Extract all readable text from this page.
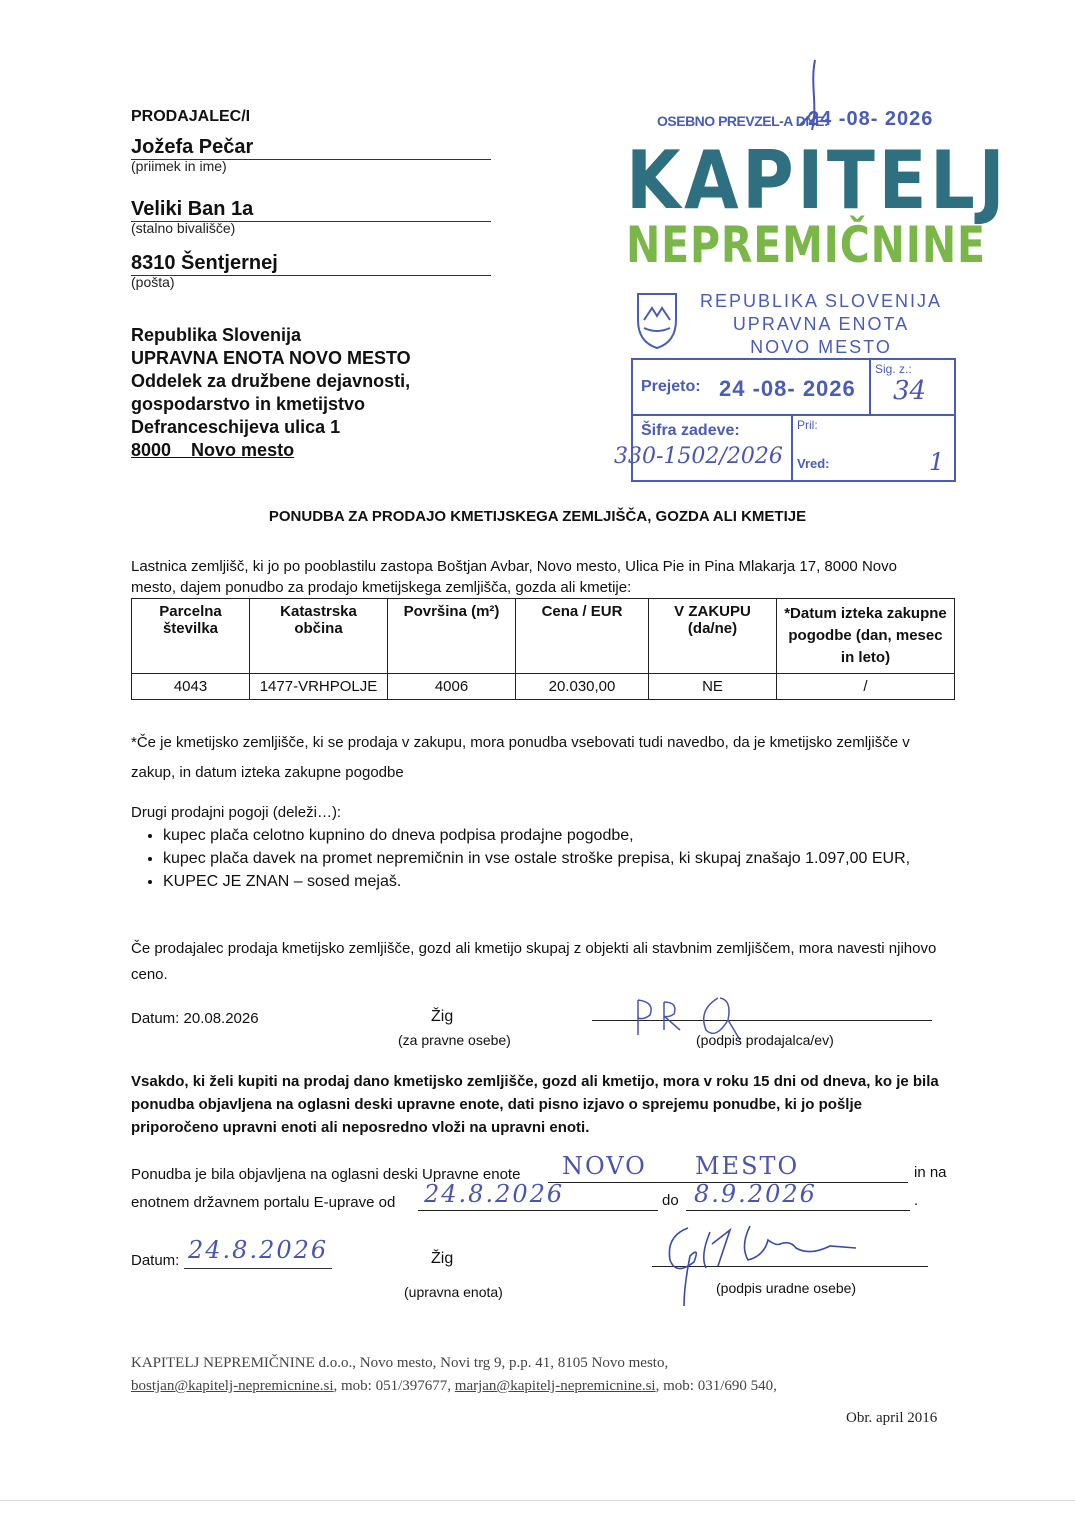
PRODAJALEC/I
Jožefa Pečar
(priimek in ime)
Veliki Ban 1a
(stalno bivališče)
8310 Šentjernej
(pošta)
Republika Slovenija
UPRAVNA ENOTA NOVO MESTO
Oddelek za družbene dejavnosti,
gospodarstvo in kmetijstvo
Defranceschijeva ulica 1
8000    Novo mesto
OSEBNO PREVZEL-A DNE:
24 -08- 2026
KAPITELJ
NEPREMIČNINE
REPUBLIKA SLOVENIJA
UPRAVNA ENOTA
NOVO MESTO
Prejeto: 24 -08- 2026
Sig. z.:
34
Šifra zadeve:	Pril:
Vred:	1
330-1502/2026
PONUDBA ZA PRODAJO KMETIJSKEGA ZEMLJIŠČA, GOZDA ALI KMETIJE
Lastnica zemljišč, ki jo po pooblastilu zastopa Boštjan Avbar, Novo mesto, Ulica Pie in Pina Mlakarja 17, 8000 Novo mesto, dajem ponudbo za prodajo kmetijskega zemljišča, gozda ali kmetije:
Parcelna številka	Katastrska občina	Površina (m²)	Cena / EUR	V ZAKUPU (da/ne)	*Datum izteka zakupne pogodbe (dan, mesec in leto)
4043	1477-VRHPOLJE	4006	20.030,00	NE	/
*Če je kmetijsko zemljišče, ki se prodaja v zakupu, mora ponudba vsebovati tudi navedbo, da je kmetijsko zemljišče v zakup, in datum izteka zakupne pogodbe
Drugi prodajni pogoji (deleži…):
• kupec plača celotno kupnino do dneva podpisa prodajne pogodbe,
• kupec plača davek na promet nepremičnin in vse ostale stroške prepisa, ki skupaj znašajo 1.097,00 EUR,
• KUPEC JE ZNAN – sosed mejaš.
Če prodajalec prodaja kmetijsko zemljišče, gozd ali kmetijo skupaj z objekti ali stavbnim zemljiščem, mora navesti njihovo ceno.
Datum: 20.08.2026	Žig
(za pravne osebe)	(podpis prodajalca/ev)
Vsakdo, ki želi kupiti na prodaj dano kmetijsko zemljišče, gozd ali kmetijo, mora v roku 15 dni od dneva, ko je bila ponudba objavljena na oglasni deski upravne enote, dati pisno izjavo o sprejemu ponudbe, ki jo pošlje priporočeno upravni enoti ali neposredno vloži na upravni enoti.
Ponudba je bila objavljena na oglasni deski Upravne enote NOVO     MESTO	in na
enotnem državnem portalu E-uprave od 24.8.2026	do 8.9.2026	.
Datum: 24.8.2026	Žig
(upravna enota)	(podpis uradne osebe)
KAPITELJ NEPREMIČNINE d.o.o., Novo mesto, Novi trg 9, p.p. 41, 8105 Novo mesto,
bostjan@kapitelj-nepremicnine.si, mob: 051/397677, marjan@kapitelj-nepremicnine.si, mob: 031/690 540,
Obr. april 2016
